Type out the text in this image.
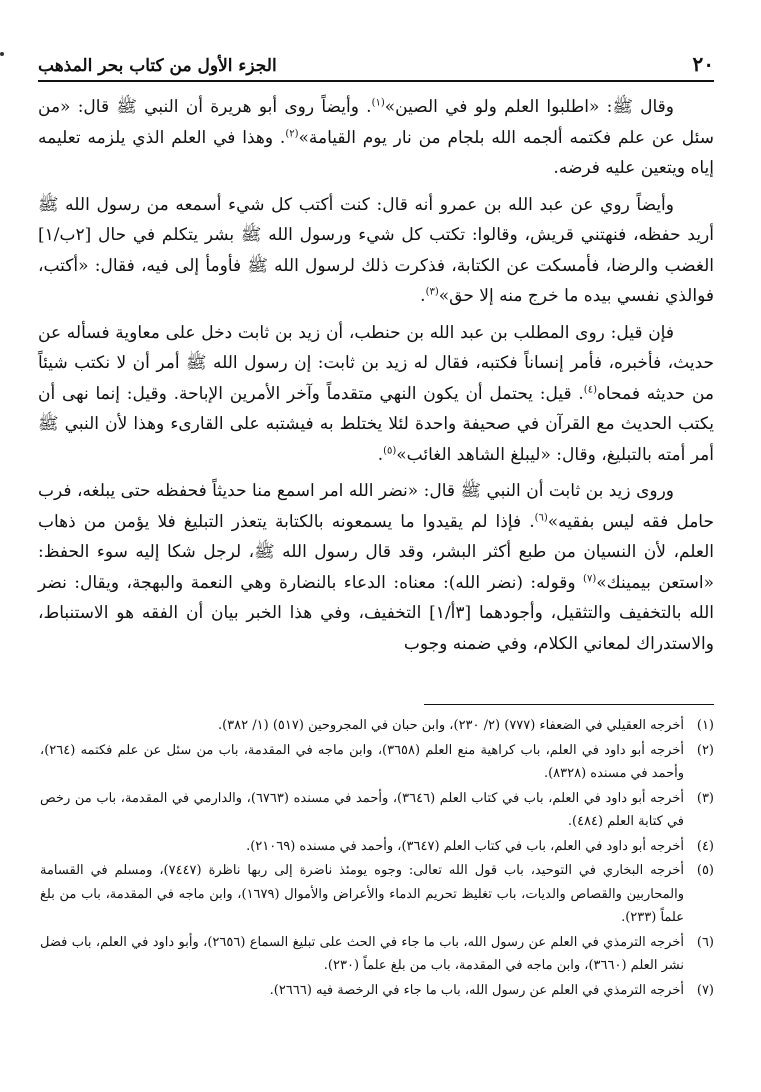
٢٠
الجزء الأول من كتاب بحر المذهب

وقال ﷺ: «اطلبوا العلم ولو في الصين»$^{(١)}$. وأيضاً روى أبو هريرة أن النبي ﷺ قال: «من سئل عن علم فكتمه ألجمه الله بلجام من نار يوم القيامة»$^{(٢)}$. وهذا في العلم الذي يلزمه تعليمه إياه ويتعين عليه فرضه.

وأيضاً روي عن عبد الله بن عمرو أنه قال: كنت أكتب كل شيء أسمعه من رسول الله ﷺ أريد حفظه، فنهتني قريش، وقالوا: تكتب كل شيء ورسول الله ﷺ بشر يتكلم في حال [٢ب/١] الغضب والرضا، فأمسكت عن الكتابة، فذكرت ذلك لرسول الله ﷺ فأومأ إلى فيه، فقال: «أكتب، فوالذي نفسي بيده ما خرج منه إلا حق»$^{(٣)}$.

فإن قيل: روى المطلب بن عبد الله بن حنطب، أن زيد بن ثابت دخل على معاوية فسأله عن حديث، فأخبره، فأمر إنساناً فكتبه، فقال له زيد بن ثابت: إن رسول الله ﷺ أمر أن لا نكتب شيئاً من حديثه فمحاه$^{(٤)}$. قيل: يحتمل أن يكون النهي متقدماً وآخر الأمرين الإباحة. وقيل: إنما نهى أن يكتب الحديث مع القرآن في صحيفة واحدة لئلا يختلط به فيشتبه على القارىء وهذا لأن النبي ﷺ أمر أمته بالتبليغ، وقال: «ليبلغ الشاهد الغائب»$^{(٥)}$.

وروى زيد بن ثابت أن النبي ﷺ قال: «نضر الله امر اسمع منا حديثاً فحفظه حتى يبلغه، فرب حامل فقه ليس بفقيه»$^{(٦)}$. فإذا لم يقيدوا ما يسمعونه بالكتابة يتعذر التبليغ فلا يؤمن من ذهاب العلم، لأن النسيان من طبع أكثر البشر، وقد قال رسول الله ﷺ، لرجل شكا إليه سوء الحفظ: «استعن بيمينك»$^{(٧)}$ وقوله: (نضر الله): معناه: الدعاء بالنضارة وهي النعمة والبهجة، ويقال: نضر الله بالتخفيف والتثقيل، وأجودهما [٣أ/١] التخفيف، وفي هذا الخبر بيان أن الفقه هو الاستنباط، والاستدراك لمعاني الكلام، وفي ضمنه وجوب

(١)
أخرجه العقيلي في الضعفاء (٧٧٧) (٢/ ٢٣٠)، وابن حبان في المجروحين (٥١٧) (١/ ٣٨٢).
(٢)
أخرجه أبو داود في العلم، باب كراهية منع العلم (٣٦٥٨)، وابن ماجه في المقدمة، باب من سئل عن علم فكتمه (٢٦٤)، وأحمد في مسنده (٨٣٢٨).
(٣)
أخرجه أبو داود في العلم، باب في كتاب العلم (٣٦٤٦)، وأحمد في مسنده (٦٧٦٣)، والدارمي في المقدمة، باب من رخص في كتابة العلم (٤٨٤).
(٤)
أخرجه أبو داود في العلم، باب في كتاب العلم (٣٦٤٧)، وأحمد في مسنده (٢١٠٦٩).
(٥)
أخرجه البخاري في التوحيد، باب قول الله تعالى: وجوه يومئذ ناضرة إلى ربها ناظرة (٧٤٤٧)، ومسلم في القسامة والمحاربين والقصاص والديات، باب تغليظ تحريم الدماء والأعراض والأموال (١٦٧٩)، وابن ماجه في المقدمة، باب من بلغ علماً (٢٣٣).
(٦)
أخرجه الترمذي في العلم عن رسول الله، باب ما جاء في الحث على تبليغ السماع (٢٦٥٦)، وأبو داود في العلم، باب فضل نشر العلم (٣٦٦٠)، وابن ماجه في المقدمة، باب من بلغ علماً (٢٣٠).
(٧)
أخرجه الترمذي في العلم عن رسول الله، باب ما جاء في الرخصة فيه (٢٦٦٦).
